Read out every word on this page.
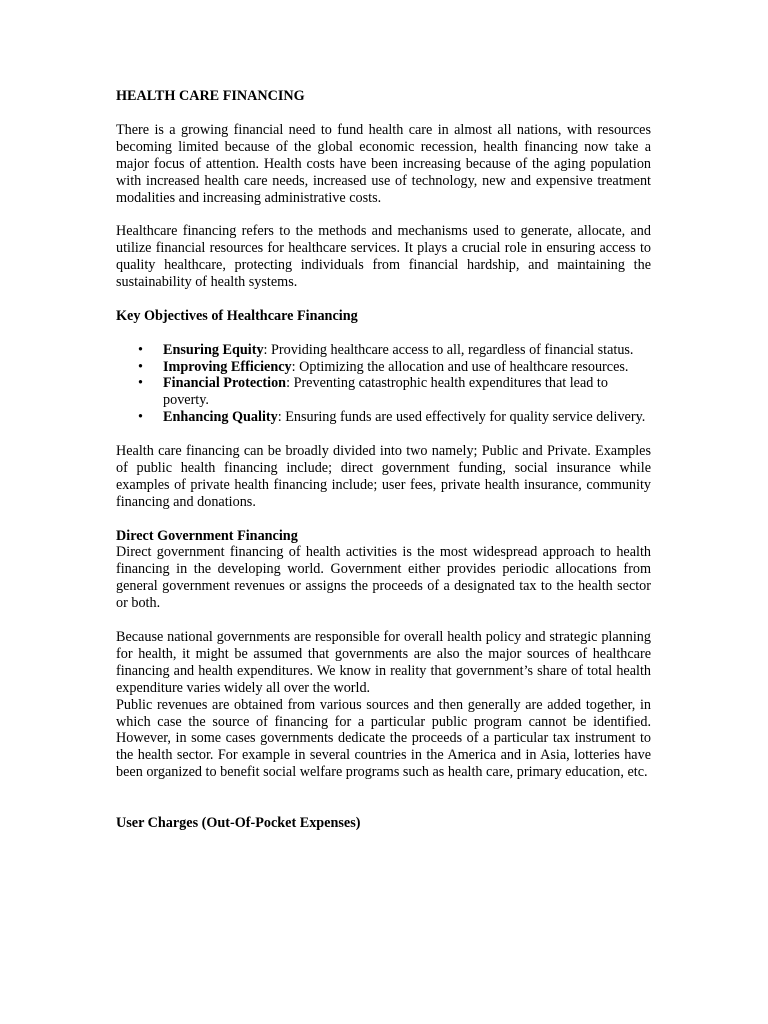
HEALTH CARE FINANCING

There is a growing financial need to fund health care in almost all nations, with resources becoming limited because of the global economic recession, health financing now take a major focus of attention. Health costs have been increasing because of the aging population with increased health care needs, increased use of technology, new and expensive treatment modalities and increasing administrative costs.

Healthcare financing refers to the methods and mechanisms used to generate, allocate, and utilize financial resources for healthcare services. It plays a crucial role in ensuring access to quality healthcare, protecting individuals from financial hardship, and maintaining the sustainability of health systems.

Key Objectives of Healthcare Financing

• Ensuring Equity: Providing healthcare access to all, regardless of financial status.
• Improving Efficiency: Optimizing the allocation and use of healthcare resources.
• Financial Protection: Preventing catastrophic health expenditures that lead to poverty.
• Enhancing Quality: Ensuring funds are used effectively for quality service delivery.

Health care financing can be broadly divided into two namely; Public and Private. Examples of public health financing include; direct government funding, social insurance while examples of private health financing include; user fees, private health insurance, community financing and donations.

Direct Government Financing

Direct government financing of health activities is the most widespread approach to health financing in the developing world. Government either provides periodic allocations from general government revenues or assigns the proceeds of a designated tax to the health sector or both.

Because national governments are responsible for overall health policy and strategic planning for health, it might be assumed that governments are also the major sources of healthcare financing and health expenditures. We know in reality that government’s share of total health expenditure varies widely all over the world.

Public revenues are obtained from various sources and then generally are added together, in which case the source of financing for a particular public program cannot be identified. However, in some cases governments dedicate the proceeds of a particular tax instrument to the health sector. For example in several countries in the America and in Asia, lotteries have been organized to benefit social welfare programs such as health care, primary education, etc.

User Charges (Out-Of-Pocket Expenses)
